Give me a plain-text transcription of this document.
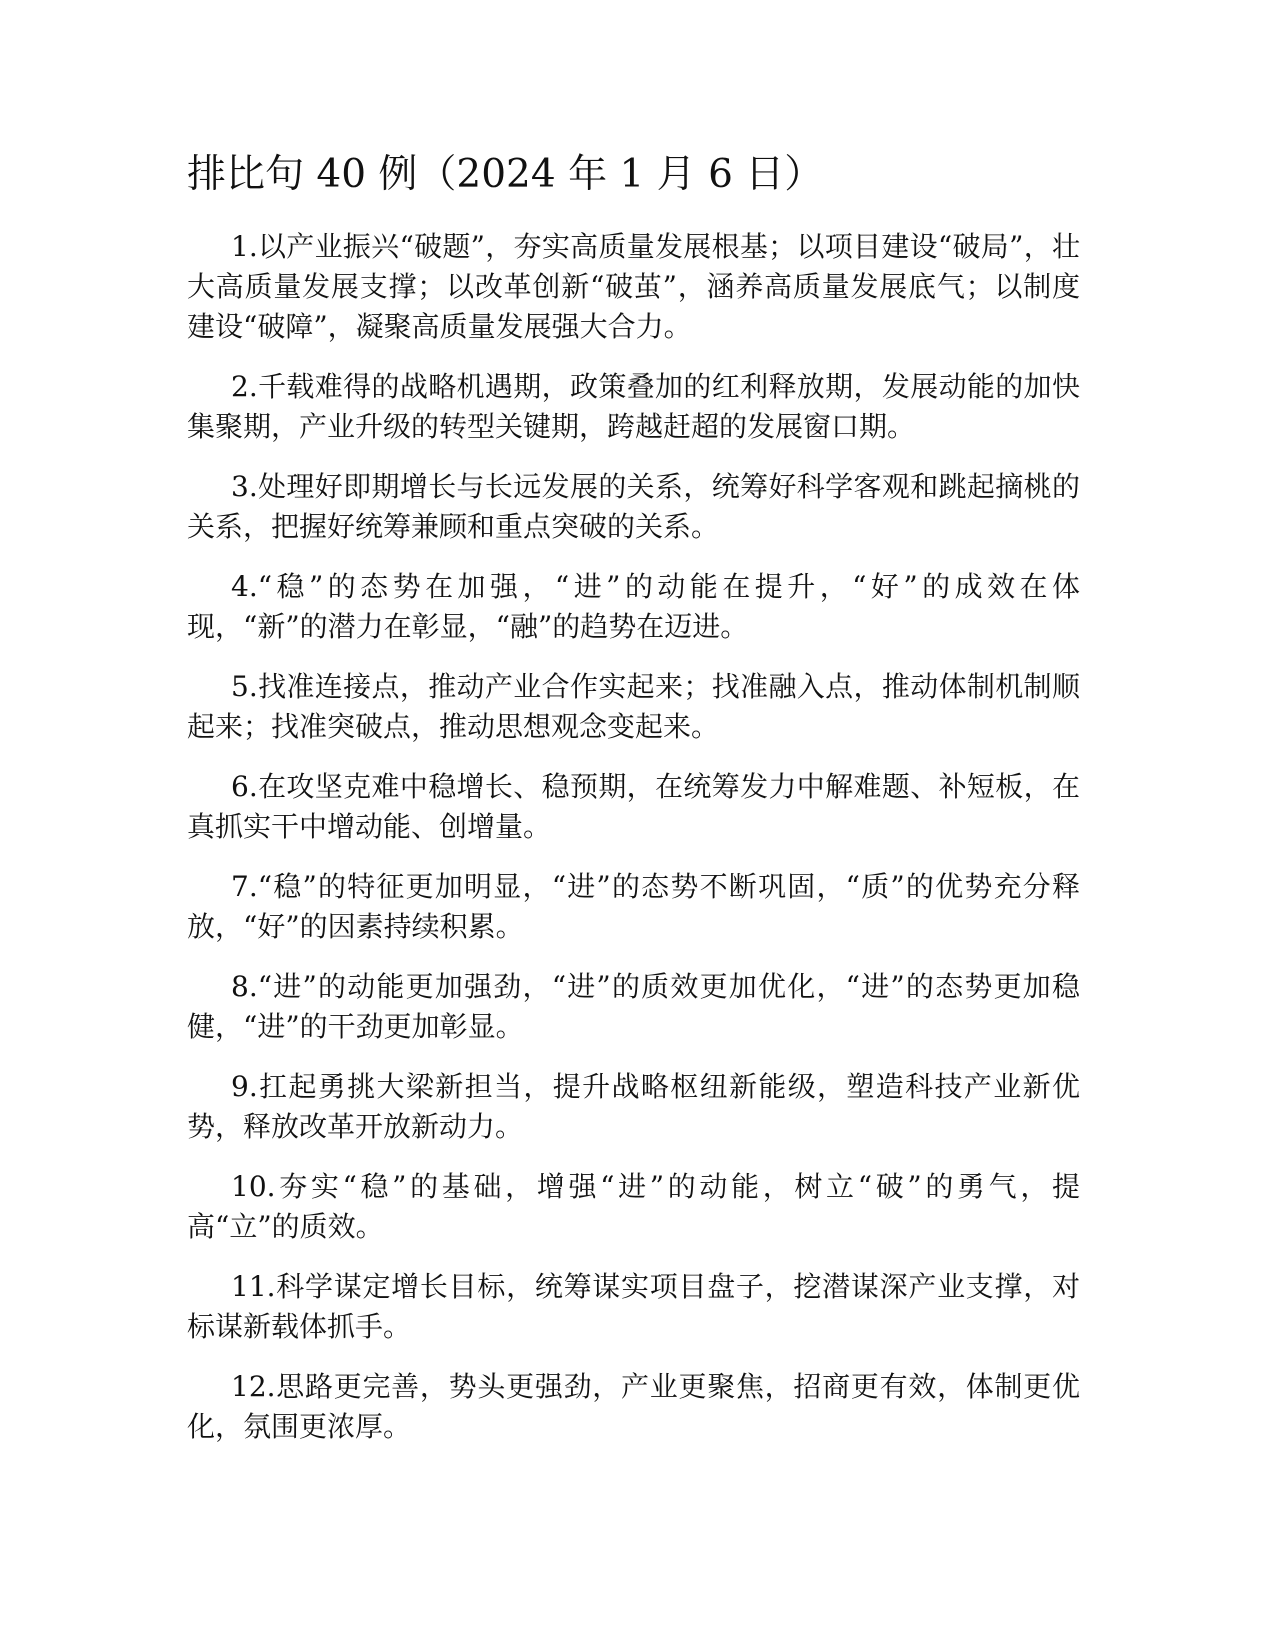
排比句 40 例（2024 年 1 月 6 日）

1.以产业振兴“破题”，夯实高质量发展根基；以项目建设“破局”，壮大高质量发展支撑；以改革创新“破茧”，涵养高质量发展底气；以制度建设“破障”，凝聚高质量发展强大合力。

2.千载难得的战略机遇期，政策叠加的红利释放期，发展动能的加快集聚期，产业升级的转型关键期，跨越赶超的发展窗口期。

3.处理好即期增长与长远发展的关系，统筹好科学客观和跳起摘桃的关系，把握好统筹兼顾和重点突破的关系。

4.“稳”的态势在加强，“进”的动能在提升，“好”的成效在体现，“新”的潜力在彰显，“融”的趋势在迈进。

5.找准连接点，推动产业合作实起来；找准融入点，推动体制机制顺起来；找准突破点，推动思想观念变起来。

6.在攻坚克难中稳增长、稳预期，在统筹发力中解难题、补短板，在真抓实干中增动能、创增量。

7.“稳”的特征更加明显，“进”的态势不断巩固，“质”的优势充分释放，“好”的因素持续积累。

8.“进”的动能更加强劲，“进”的质效更加优化，“进”的态势更加稳健，“进”的干劲更加彰显。

9.扛起勇挑大梁新担当，提升战略枢纽新能级，塑造科技产业新优势，释放改革开放新动力。

10.夯实“稳”的基础，增强“进”的动能，树立“破”的勇气，提高“立”的质效。

11.科学谋定增长目标，统筹谋实项目盘子，挖潜谋深产业支撑，对标谋新载体抓手。

12.思路更完善，势头更强劲，产业更聚焦，招商更有效，体制更优化，氛围更浓厚。
